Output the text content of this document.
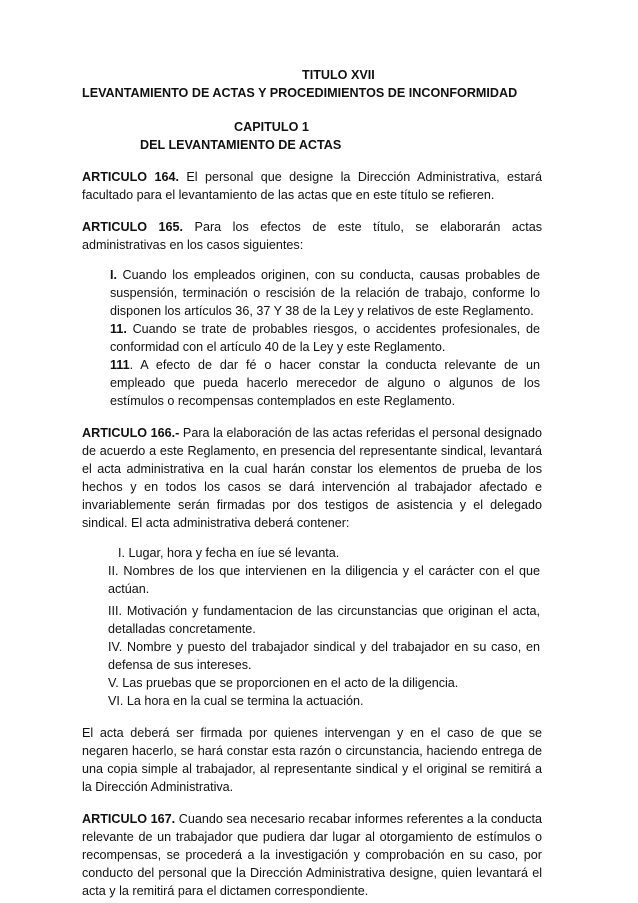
TITULO XVII
LEVANTAMIENTO DE ACTAS Y PROCEDIMIENTOS DE INCONFORMIDAD
CAPITULO 1
DEL LEVANTAMIENTO DE ACTAS

ARTICULO 164. El personal que designe la Dirección Administrativa, estará facultado para el levantamiento de las actas que en este título se refieren.

ARTICULO 165. Para los efectos de este título, se elaborarán actas administrativas en los casos siguientes:

I. Cuando los empleados originen, con su conducta, causas probables de suspensión, terminación o rescisión de la relación de trabajo, conforme lo disponen los artículos 36, 37 Y 38 de la Ley y relativos de este Reglamento.
11. Cuando se trate de probables riesgos, o accidentes profesionales, de conformidad con el artículo 40 de la Ley y este Reglamento.
111. A efecto de dar fé o hacer constar la conducta relevante de un empleado que pueda hacerlo merecedor de alguno o algunos de los estímulos o recompensas contemplados en este Reglamento.

ARTICULO 166.- Para la elaboración de las actas referidas el personal designado de acuerdo a este Reglamento, en presencia del representante sindical, levantará el acta administrativa en la cual harán constar los elementos de prueba de los hechos y en todos los casos se dará intervención al trabajador afectado e invariablemente serán firmadas por dos testigos de asistencia y el delegado sindical. El acta administrativa deberá contener:

I. Lugar, hora y fecha en íue sé levanta.
II. Nombres de los que intervienen en la diligencia y el carácter con el que actúan.
III. Motivación y fundamentacion de las circunstancias que originan el acta, detalladas concretamente.
IV. Nombre y puesto del trabajador sindical y del trabajador en su caso, en defensa de sus intereses.
V. Las pruebas que se proporcionen en el acto de la diligencia.
VI. La hora en la cual se termina la actuación.

El acta deberá ser firmada por quienes intervengan y en el caso de que se negaren hacerlo, se hará constar esta razón o circunstancia, haciendo entrega de una copia simple al trabajador, al representante sindical y el original se remitirá a la Dirección Administrativa.

ARTICULO 167. Cuando sea necesario recabar informes referentes a la conducta relevante de un trabajador que pudiera dar lugar al otorgamiento de estímulos o recompensas, se procederá a la investigación y comprobación en su caso, por conducto del personal que la Dirección Administrativa designe, quien levantará el acta y la remitirá para el dictamen correspondiente.
